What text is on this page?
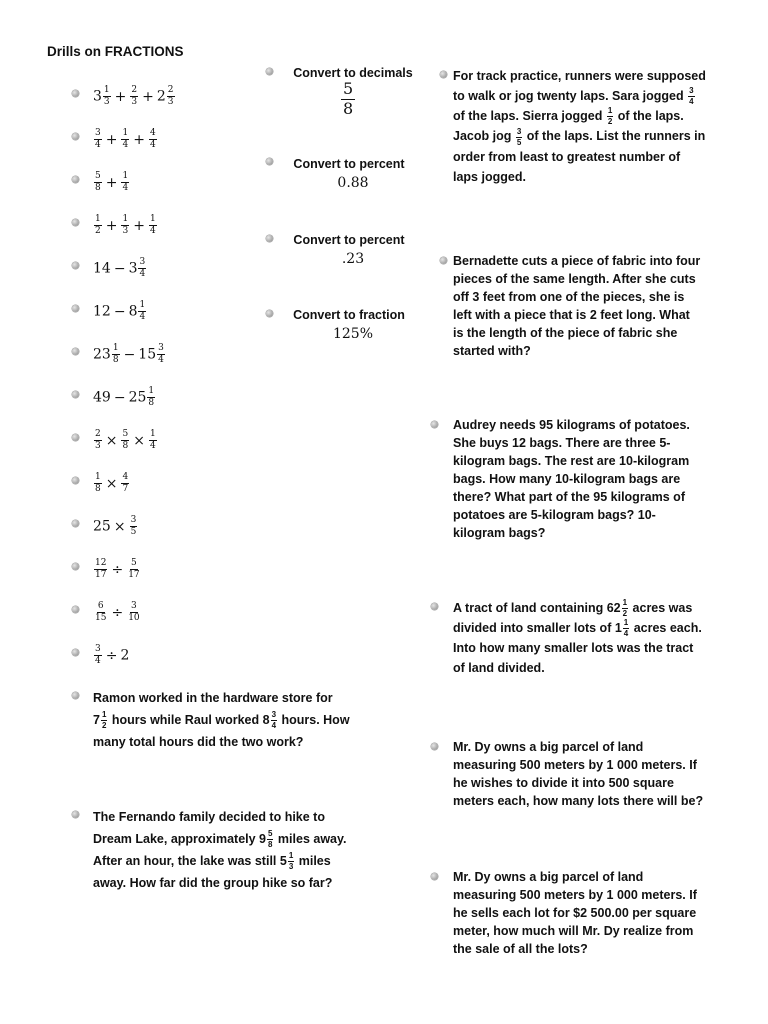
Drills on FRACTIONS
$3 \frac{1}{3} + \frac{2}{3} + 2 \frac{2}{3}$
$\frac{3}{4} + \frac{1}{4} + \frac{4}{4}$
$\frac{5}{8} + \frac{1}{4}$
$\frac{1}{2} + \frac{1}{3} + \frac{1}{4}$
$14 - 3 \frac{3}{4}$
$12 - 8 \frac{1}{4}$
$23 \frac{1}{8} - 15 \frac{3}{4}$
$49 - 25 \frac{1}{8}$
$\frac{2}{3} \times \frac{5}{8} \times \frac{1}{4}$
$\frac{1}{8} \times \frac{4}{7}$
$25 \times \frac{3}{5}$
$\frac{12}{17} \div \frac{5}{17}$
$\frac{6}{15} \div \frac{3}{10}$
$\frac{3}{4} \div 2$
Convert to decimals
$\frac{5}{8}$
Convert to percent
0.88
Convert to percent
.23
Convert to fraction
125%
Ramon worked in the hardware store for
$7 \frac{1}{2}$ hours while Raul worked $8 \frac{3}{4}$ hours. How
many total hours did the two work?
The Fernando family decided to hike to
Dream Lake, approximately $9 \frac{5}{8}$ miles away.
After an hour, the lake was still $5 \frac{1}{3}$ miles
away. How far did the group hike so far?
For track practice, runners were supposed
to walk or jog twenty laps. Sara jogged $\frac{3}{4}$
of the laps. Sierra jogged $\frac{1}{2}$ of the laps.
Jacob jog $\frac{3}{5}$ of the laps. List the runners in
order from least to greatest number of
laps jogged.
Bernadette cuts a piece of fabric into four
pieces of the same length. After she cuts
off 3 feet from one of the pieces, she is
left with a piece that is 2 feet long. What
is the length of the piece of fabric she
started with?
Audrey needs 95 kilograms of potatoes.
She buys 12 bags. There are three 5-
kilogram bags. The rest are 10-kilogram
bags. How many 10-kilogram bags are
there? What part of the 95 kilograms of
potatoes are 5-kilogram bags? 10-
kilogram bags?
A tract of land containing $62 \frac{1}{2}$ acres was
divided into smaller lots of $1 \frac{1}{4}$ acres each.
Into how many smaller lots was the tract
of land divided.
Mr. Dy owns a big parcel of land
measuring 500 meters by 1 000 meters. If
he wishes to divide it into 500 square
meters each, how many lots there will be?
Mr. Dy owns a big parcel of land
measuring 500 meters by 1 000 meters. If
he sells each lot for $2 500.00 per square
meter, how much will Mr. Dy realize from
the sale of all the lots?
